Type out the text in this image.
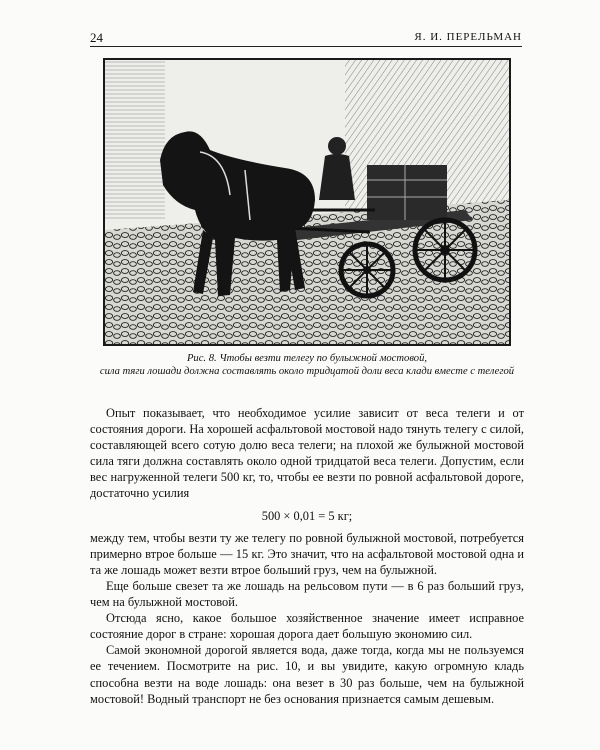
24	Я. И. ПЕРЕЛЬМАН
Рис. 8. Чтобы везти телегу по булыжной мостовой,
сила тяги лошади должна составлять около тридцатой доли веса клади вместе с телегой

Опыт показывает, что необходимое усилие зависит от веса телеги и от состояния дороги. На хорошей асфальтовой мостовой надо тянуть телегу с силой, составляющей всего сотую долю веса телеги; на плохой же булыжной мостовой сила тяги должна составлять около одной тридцатой веса телеги. Допустим, если вес нагруженной телеги 500 кг, то, чтобы ее везти по ровной асфальтовой дороге, достаточно усилия

500 × 0,01 = 5 кг;

между тем, чтобы везти ту же телегу по ровной булыжной мостовой, потребуется примерно втрое больше — 15 кг. Это значит, что на асфальтовой мостовой одна и та же лошадь может везти втрое больший груз, чем на булыжной.

Еще больше свезет та же лошадь на рельсовом пути — в 6 раз больший груз, чем на булыжной мостовой.

Отсюда ясно, какое большое хозяйственное значение имеет исправное состояние дорог в стране: хорошая дорога дает большую экономию сил.

Самой экономной дорогой является вода, даже тогда, когда мы не пользуемся ее течением. Посмотрите на рис. 10, и вы увидите, какую огромную кладь способна везти на воде лошадь: она везет в 30 раз больше, чем на булыжной мостовой! Водный транспорт не без основания признается самым дешевым.
